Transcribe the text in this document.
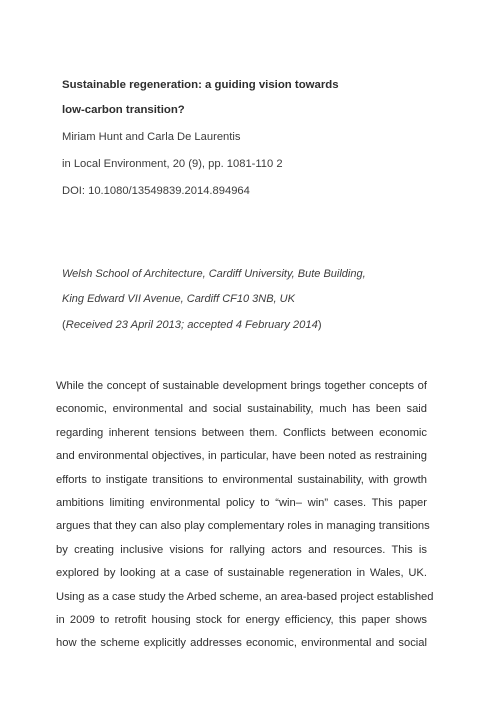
Sustainable regeneration: a guiding vision towards
low-carbon transition?
Miriam Hunt and Carla De Laurentis
in Local Environment, 20 (9), pp. 1081-110 2
DOI: 10.1080/13549839.2014.894964
Welsh School of Architecture, Cardiff University, Bute Building,
King Edward VII Avenue, Cardiff CF10 3NB, UK
(Received 23 April 2013; accepted 4 February 2014)
While the concept of sustainable development brings together concepts of
economic, environmental and social sustainability, much has been said
regarding inherent tensions between them. Conflicts between economic
and environmental objectives, in particular, have been noted as restraining
efforts to instigate transitions to environmental sustainability, with growth
ambitions limiting environmental policy to “win– win” cases. This paper
argues that they can also play complementary roles in managing transitions
by creating inclusive visions for rallying actors and resources. This is
explored by looking at a case of sustainable regeneration in Wales, UK.
Using as a case study the Arbed scheme, an area-based project established
in 2009 to retrofit housing stock for energy efficiency, this paper shows
how the scheme explicitly addresses economic, environmental and social
